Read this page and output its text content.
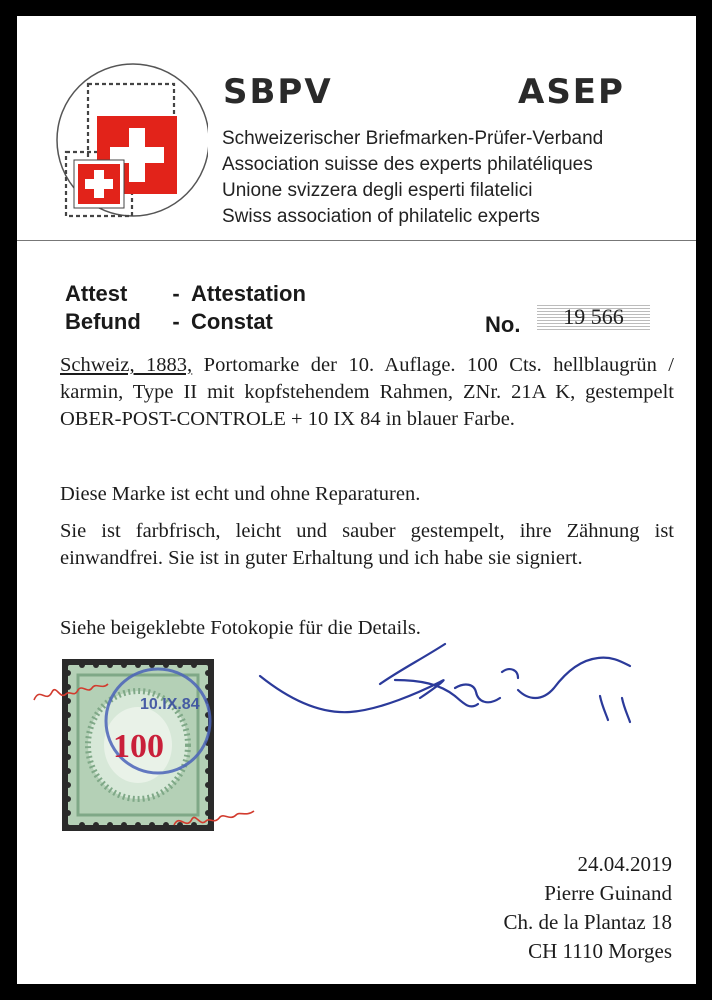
SBPV	ASEP
Schweizerischer Briefmarken-Prüfer-Verband
Association suisse des experts philatéliques
Unione svizzera degli esperti filatelici
Swiss association of philatelic experts
Attest - Attestation
Befund - Constat	No.	19 566
Schweiz, 1883, Portomarke der 10. Auflage. 100 Cts. hellblaugrün / karmin, Type II mit kopfstehendem Rahmen, ZNr. 21A K, gestempelt OBER-POST-CONTROLE + 10 IX 84 in blauer Farbe.
Diese Marke ist echt und ohne Reparaturen.
Sie ist farbfrisch, leicht und sauber gestempelt, ihre Zähnung ist einwandfrei. Sie ist in guter Erhaltung und ich habe sie signiert.
Siehe beigeklebte Fotokopie für die Details.
10.IX.84
100
24.04.2019
Pierre Guinand
Ch. de la Plantaz 18
CH 1110 Morges
